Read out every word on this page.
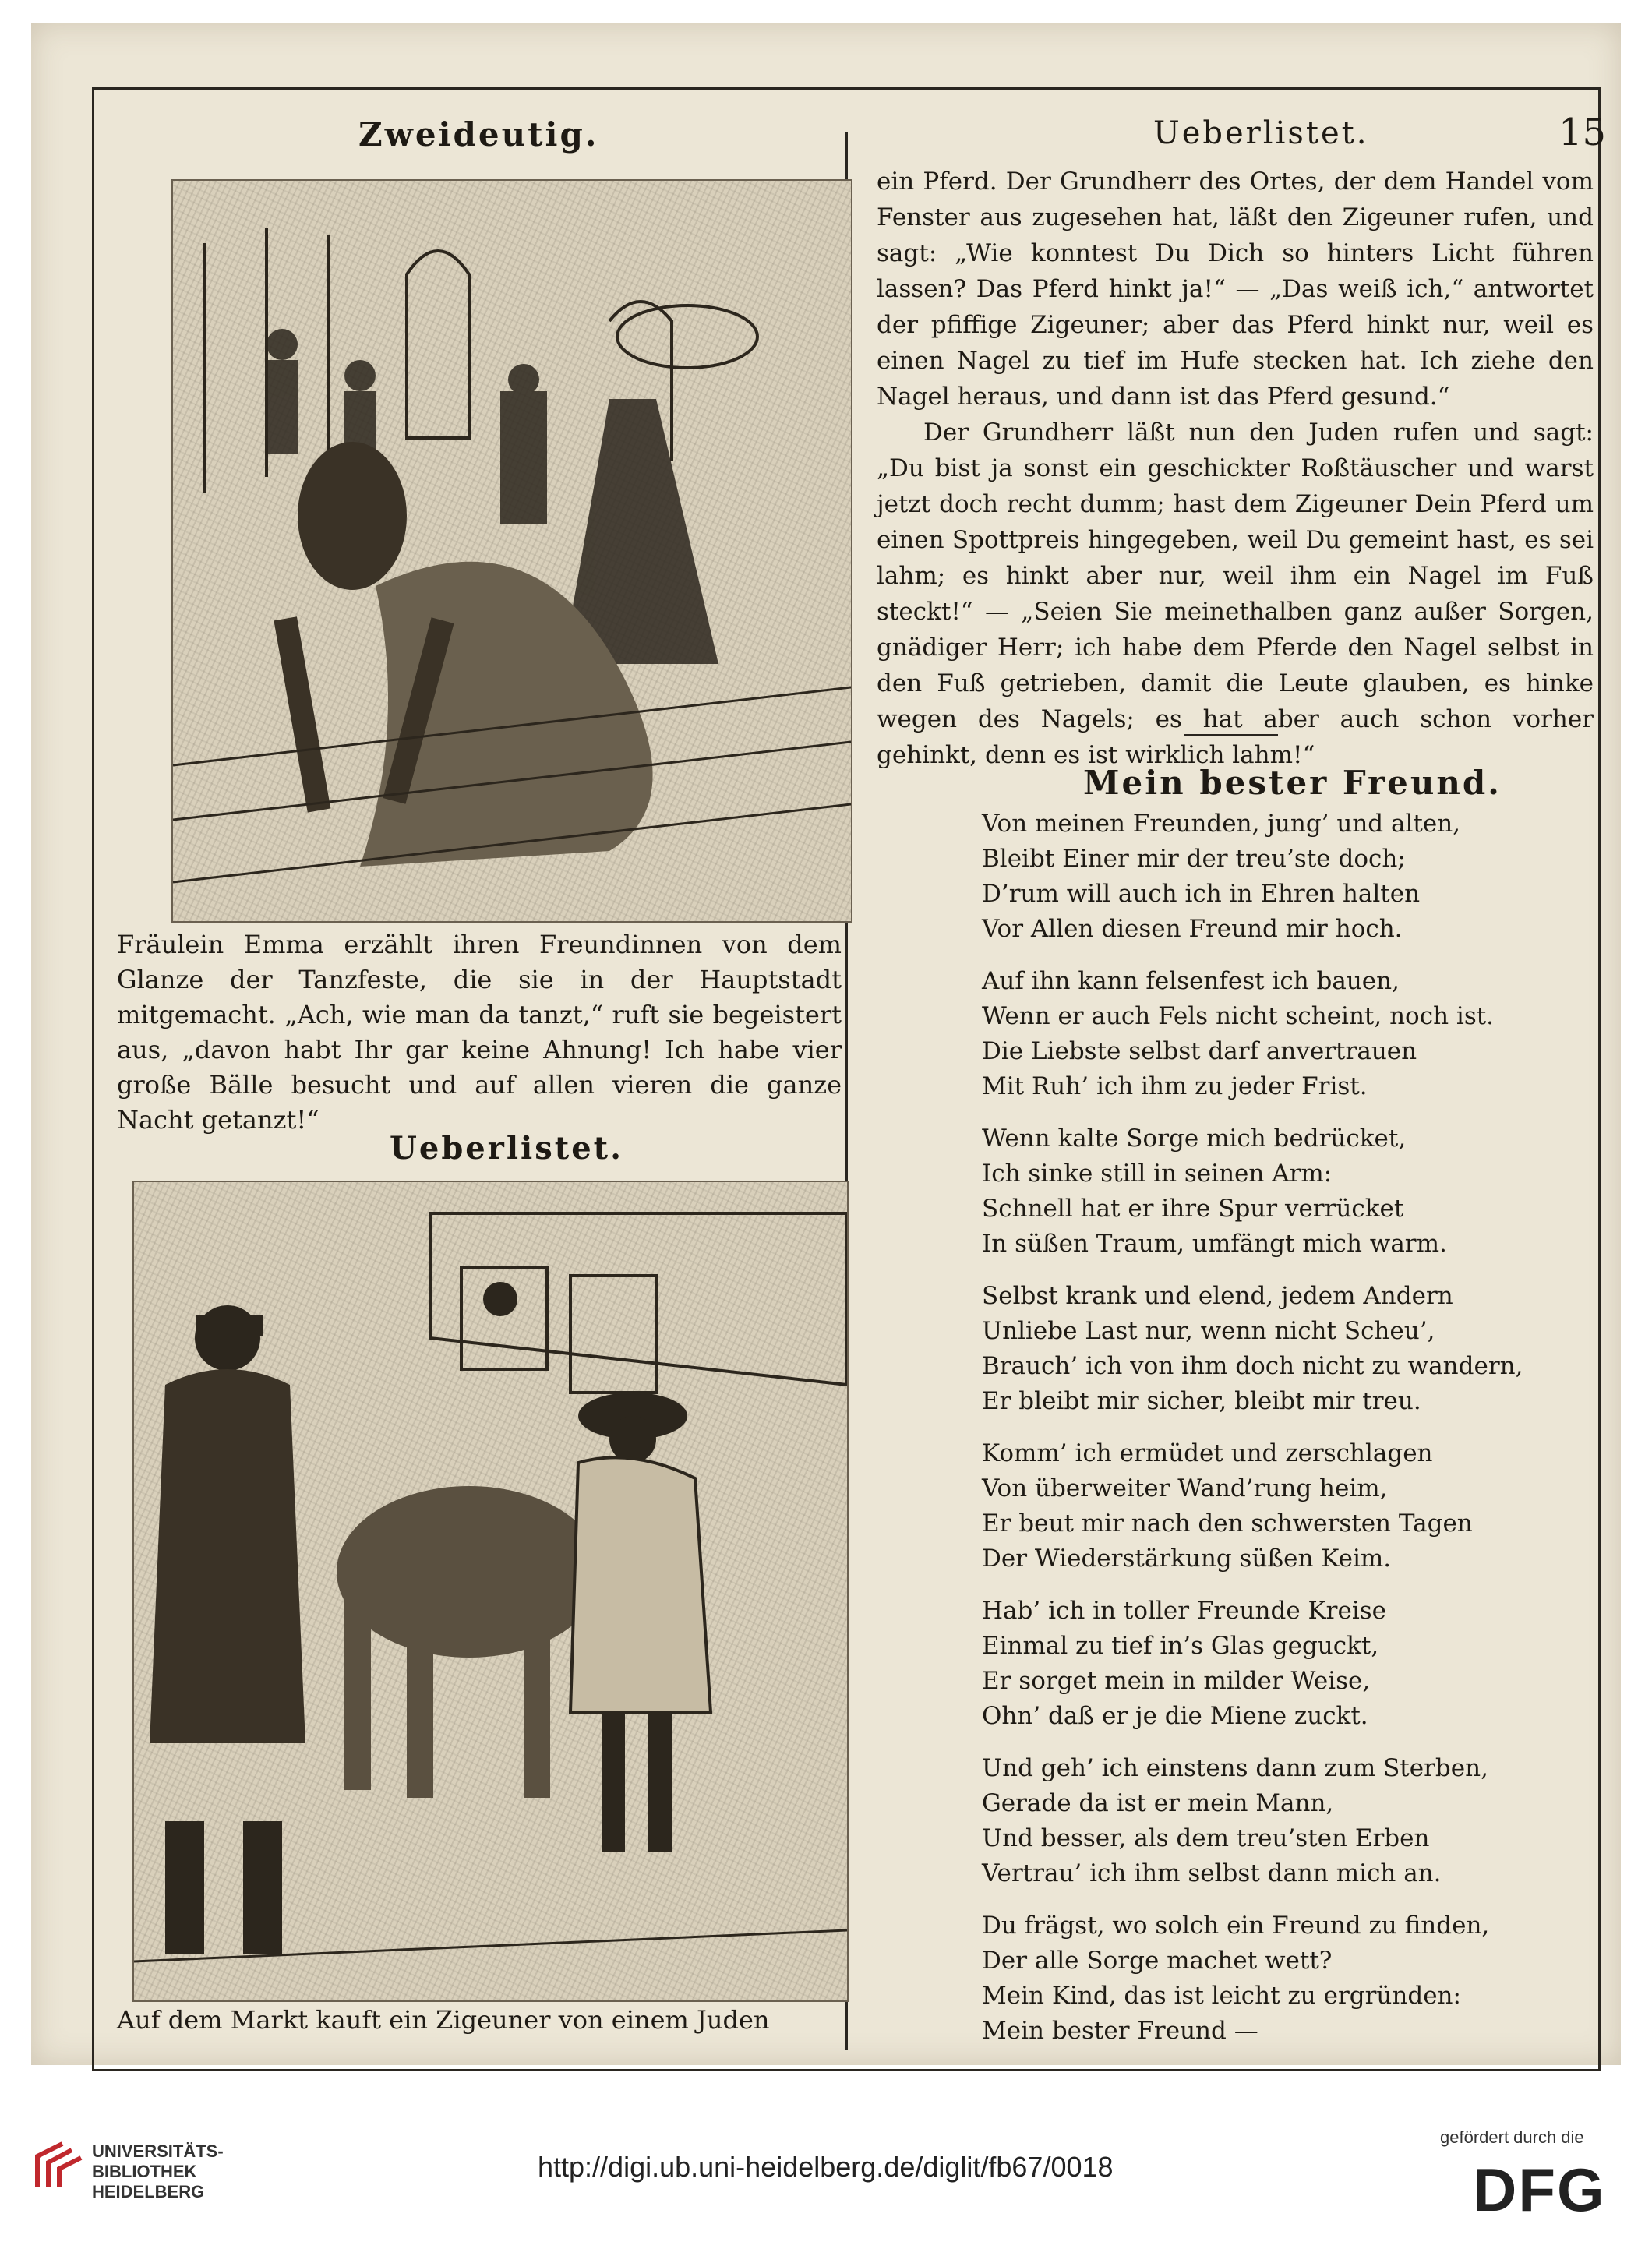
Zweideutig.	Ueberlistet.	15
Fräulein Emma erzählt ihren Freundinnen von dem Glanze der Tanzfeste, die sie in der Hauptstadt mitgemacht. „Ach, wie man da tanzt,“ ruft sie begeistert aus, „davon habt Ihr gar keine Ahnung! Ich habe vier große Bälle besucht und auf allen vieren die ganze Nacht getanzt!“
Ueberlistet.
Auf dem Markt kauft ein Zigeuner von einem Juden

ein Pferd. Der Grundherr des Ortes, der dem Handel vom Fenster aus zugesehen hat, läßt den Zigeuner rufen, und sagt: „Wie konntest Du Dich so hinters Licht führen lassen? Das Pferd hinkt ja!“ — „Das weiß ich,“ antwortet der pfiffige Zigeuner; aber das Pferd hinkt nur, weil es einen Nagel zu tief im Hufe stecken hat. Ich ziehe den Nagel heraus, und dann ist das Pferd gesund.“

Der Grundherr läßt nun den Juden rufen und sagt: „Du bist ja sonst ein geschickter Roßtäuscher und warst jetzt doch recht dumm; hast dem Zigeuner Dein Pferd um einen Spottpreis hingegeben, weil Du gemeint hast, es sei lahm; es hinkt aber nur, weil ihm ein Nagel im Fuß steckt!“ — „Seien Sie meinethalben ganz außer Sorgen, gnädiger Herr; ich habe dem Pferde den Nagel selbst in den Fuß getrieben, damit die Leute glauben, es hinke wegen des Nagels; es hat aber auch schon vorher gehinkt, denn es ist wirklich lahm!“

Mein bester Freund.
Von meinen Freunden, jung’ und alten,
Bleibt Einer mir der treu’ste doch;
D’rum will auch ich in Ehren halten
Vor Allen diesen Freund mir hoch.
Auf ihn kann felsenfest ich bauen,
Wenn er auch Fels nicht scheint, noch ist.
Die Liebste selbst darf anvertrauen
Mit Ruh’ ich ihm zu jeder Frist.
Wenn kalte Sorge mich bedrücket,
Ich sinke still in seinen Arm:
Schnell hat er ihre Spur verrücket
In süßen Traum, umfängt mich warm.
Selbst krank und elend, jedem Andern
Unliebe Last nur, wenn nicht Scheu’,
Brauch’ ich von ihm doch nicht zu wandern,
Er bleibt mir sicher, bleibt mir treu.
Komm’ ich ermüdet und zerschlagen
Von überweiter Wand’rung heim,
Er beut mir nach den schwersten Tagen
Der Wiederstärkung süßen Keim.
Hab’ ich in toller Freunde Kreise
Einmal zu tief in’s Glas geguckt,
Er sorget mein in milder Weise,
Ohn’ daß er je die Miene zuckt.
Und geh’ ich einstens dann zum Sterben,
Gerade da ist er mein Mann,
Und besser, als dem treu’sten Erben
Vertrau’ ich ihm selbst dann mich an.
Du frägst, wo solch ein Freund zu finden,
Der alle Sorge machet wett?
Mein Kind, das ist leicht zu ergründen:
Mein bester Freund —
UNIVERSITÄTS-
BIBLIOTHEK
HEIDELBERG
http://digi.ub.uni-heidelberg.de/diglit/fb67/0018
gefördert durch die
DFG
